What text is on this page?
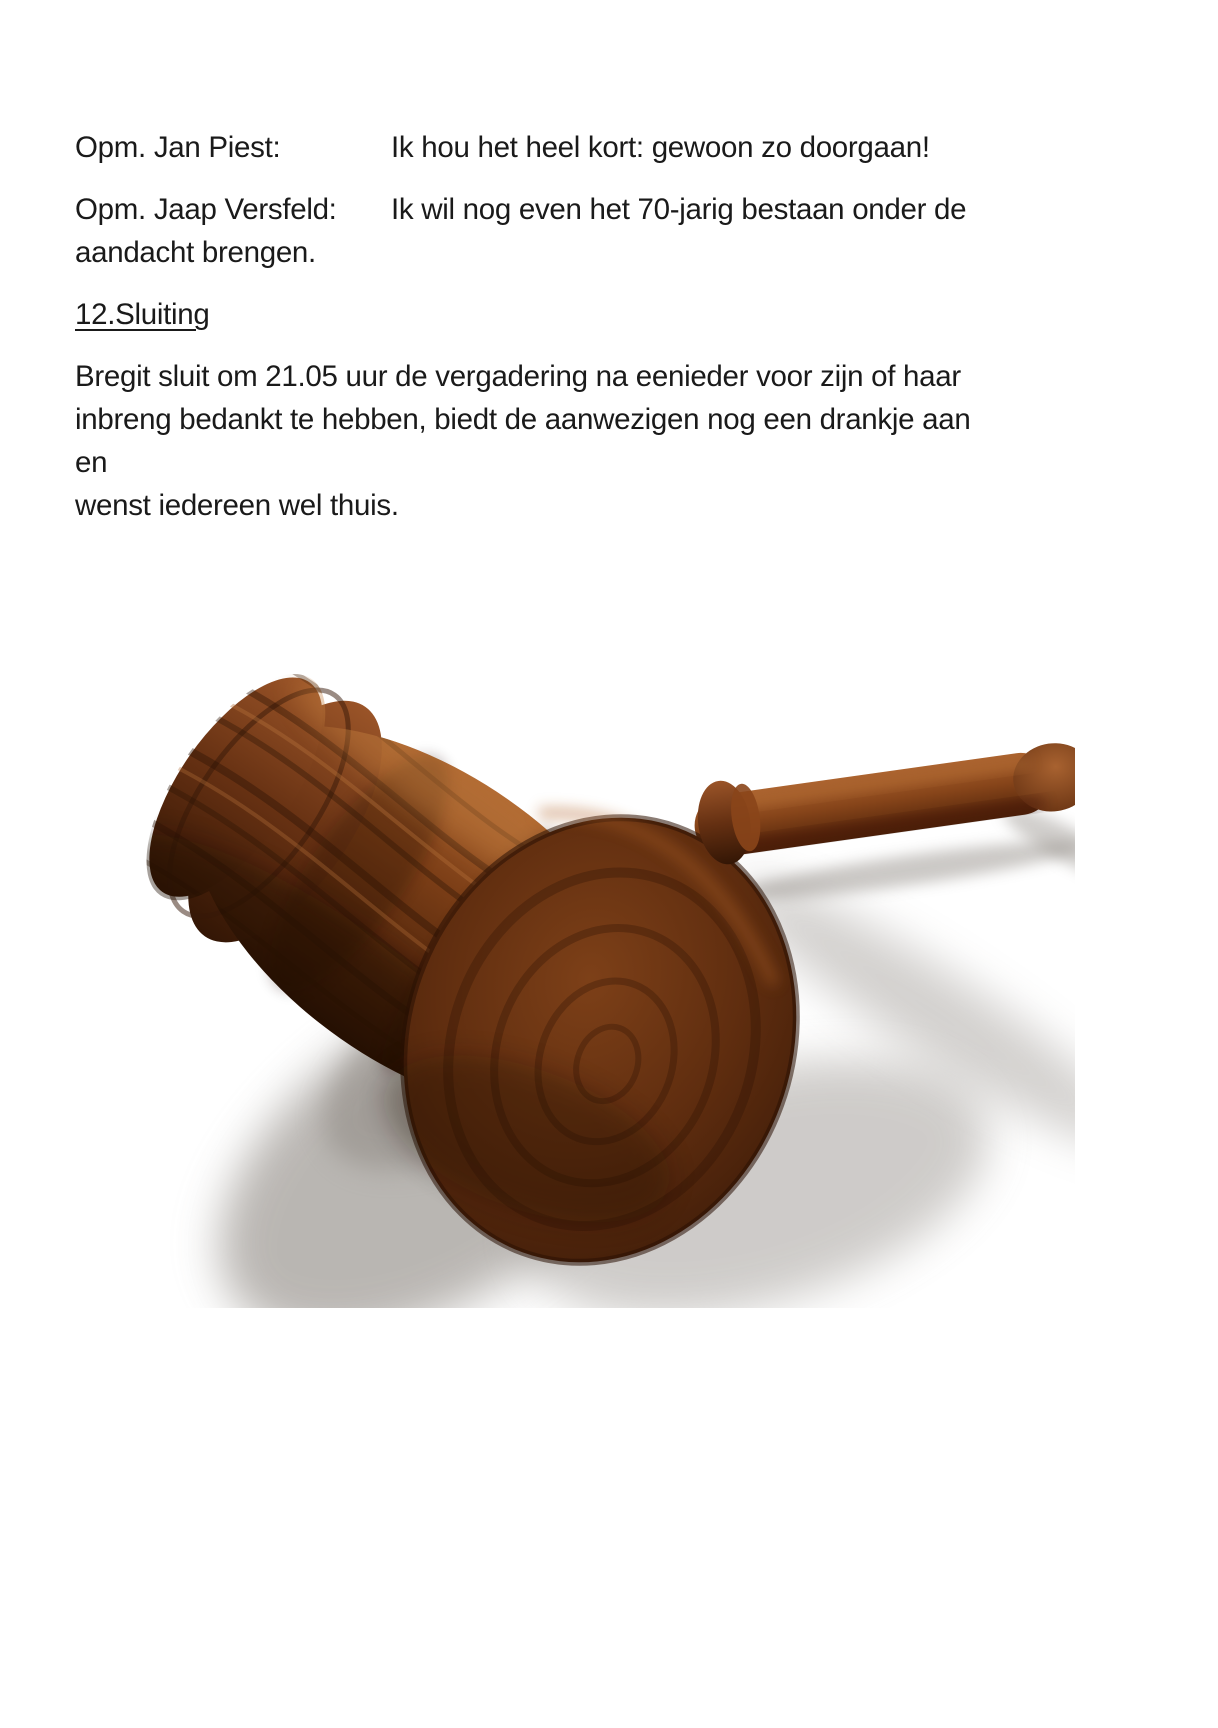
Opm. Jan Piest:	Ik hou het heel kort: gewoon zo doorgaan!

Opm. Jaap Versfeld: Ik wil nog even het 70-jarig bestaan onder de
aandacht brengen.

12.Sluiting

Bregit sluit om 21.05 uur de vergadering na eenieder voor zijn of haar
inbreng bedankt te hebben, biedt de aanwezigen nog een drankje aan en
wenst iedereen wel thuis.
